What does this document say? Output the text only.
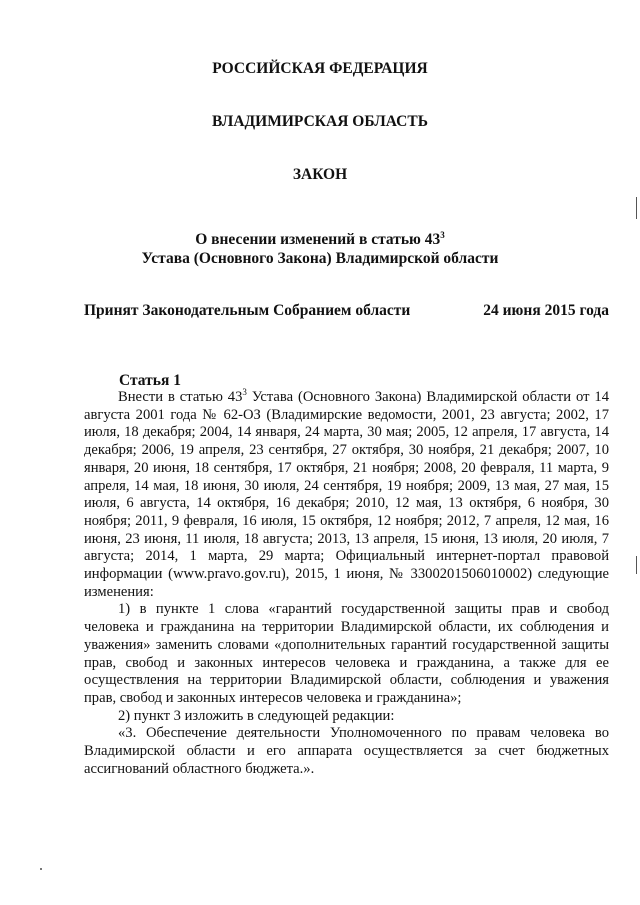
РОССИЙСКАЯ ФЕДЕРАЦИЯ
ВЛАДИМИРСКАЯ ОБЛАСТЬ
ЗАКОН
О внесении изменений в статью $43^3$
Устава (Основного Закона) Владимирской области
Принят Законодательным Собранием области	24 июня 2015 года
Статья 1

Внести в статью $43^3$ Устава (Основного Закона) Владимирской области от 14 августа 2001 года № 62-ОЗ (Владимирские ведомости, 2001, 23 августа; 2002, 17 июля, 18 декабря; 2004, 14 января, 24 марта, 30 мая; 2005, 12 апреля, 17 августа, 14 декабря; 2006, 19 апреля, 23 сентября, 27 октября, 30 ноября, 21 декабря; 2007, 10 января, 20 июня, 18 сентября, 17 октября, 21 ноября; 2008, 20 февраля, 11 марта, 9 апреля, 14 мая, 18 июня, 30 июля, 24 сентября, 19 ноября; 2009, 13 мая, 27 мая, 15 июля, 6 августа, 14 октября, 16 декабря; 2010, 12 мая, 13 октября, 6 ноября, 30 ноября; 2011, 9 февраля, 16 июля, 15 октября, 12 ноября; 2012, 7 апреля, 12 мая, 16 июня, 23 июня, 11 июля, 18 августа; 2013, 13 апреля, 15 июня, 13 июля, 20 июля, 7 августа; 2014, 1 марта, 29 марта; Официальный интернет-портал правовой информации (www.pravo.gov.ru), 2015, 1 июня, № 3300201506010002) следующие изменения:

1) в пункте 1 слова «гарантий государственной защиты прав и свобод человека и гражданина на территории Владимирской области, их соблюдения и уважения» заменить словами «дополнительных гарантий государственной защиты прав, свобод и законных интересов человека и гражданина, а также для ее осуществления на территории Владимирской области, соблюдения и уважения прав, свобод и законных интересов человека и гражданина»;

2) пункт 3 изложить в следующей редакции:

«3. Обеспечение деятельности Уполномоченного по правам человека во Владимирской области и его аппарата осуществляется за счет бюджетных ассигнований областного бюджета.».
